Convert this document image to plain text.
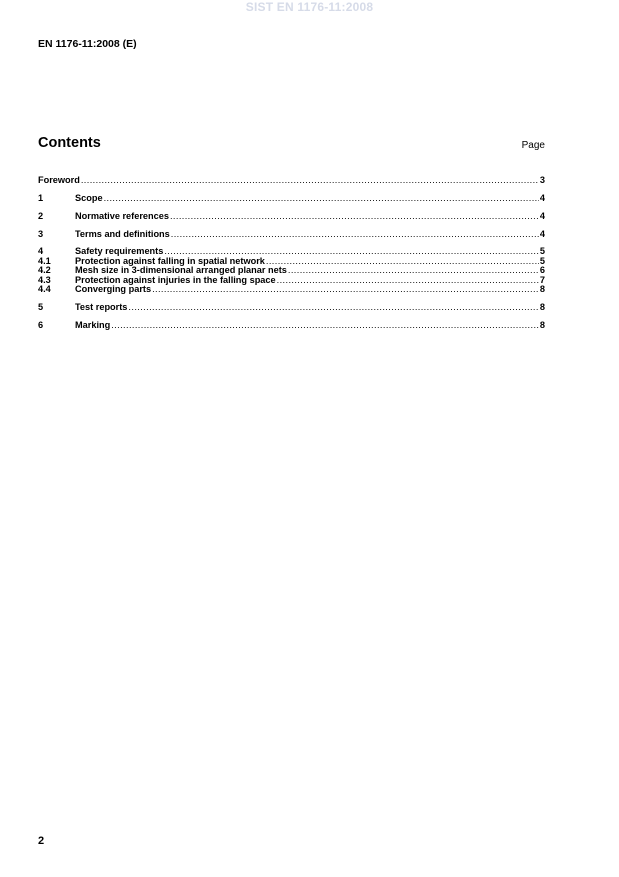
SIST EN 1176-11:2008
EN 1176-11:2008 (E)
Contents	Page
Foreword .....	3
1	Scope .....	4
2	Normative references .....	4
3	Terms and definitions .....	4
4	Safety requirements .....	5
4.1	Protection against falling in spatial network .....	5
4.2	Mesh size in 3-dimensional arranged planar nets .....	6
4.3	Protection against injuries in the falling space .....	7
4.4	Converging parts .....	8
5	Test reports .....	8
6	Marking .....	8
2
